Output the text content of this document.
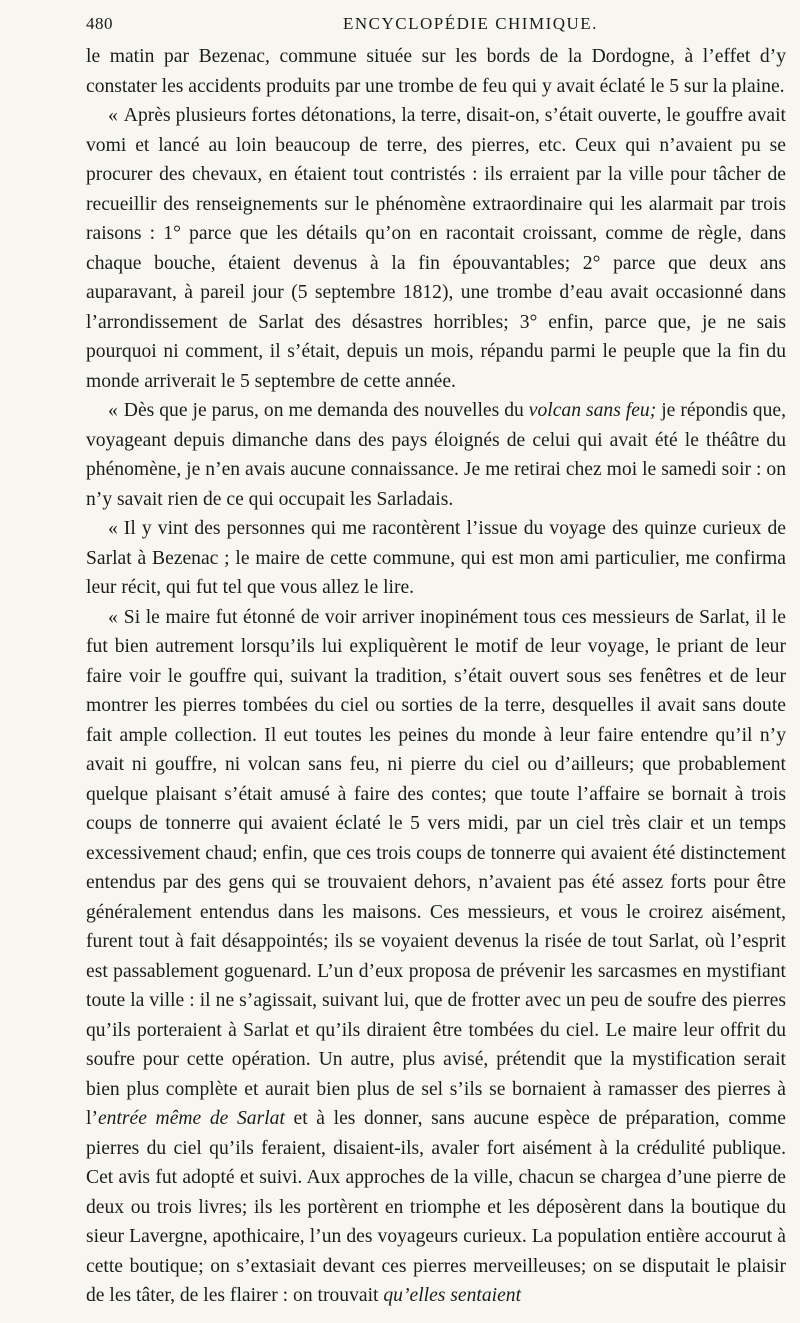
480	ENCYCLOPÉDIE CHIMIQUE.

le matin par Bezenac, commune située sur les bords de la Dordogne, à l’effet d’y constater les accidents produits par une trombe de feu qui y avait éclaté le 5 sur la plaine.

« Après plusieurs fortes détonations, la terre, disait-on, s’était ouverte, le gouffre avait vomi et lancé au loin beaucoup de terre, des pierres, etc. Ceux qui n’avaient pu se procurer des chevaux, en étaient tout contristés : ils erraient par la ville pour tâcher de recueillir des renseignements sur le phénomène extraordinaire qui les alarmait par trois raisons : 1° parce que les détails qu’on en racontait croissant, comme de règle, dans chaque bouche, étaient devenus à la fin épouvantables; 2° parce que deux ans auparavant, à pareil jour (5 septembre 1812), une trombe d’eau avait occasionné dans l’arrondissement de Sarlat des désastres horribles; 3° enfin, parce que, je ne sais pourquoi ni comment, il s’était, depuis un mois, répandu parmi le peuple que la fin du monde arriverait le 5 septembre de cette année.

« Dès que je parus, on me demanda des nouvelles du volcan sans feu; je répondis que, voyageant depuis dimanche dans des pays éloignés de celui qui avait été le théâtre du phénomène, je n’en avais aucune connaissance. Je me retirai chez moi le samedi soir : on n’y savait rien de ce qui occupait les Sarladais.

« Il y vint des personnes qui me racontèrent l’issue du voyage des quinze curieux de Sarlat à Bezenac ; le maire de cette commune, qui est mon ami particulier, me confirma leur récit, qui fut tel que vous allez le lire.

« Si le maire fut étonné de voir arriver inopinément tous ces messieurs de Sarlat, il le fut bien autrement lorsqu’ils lui expliquèrent le motif de leur voyage, le priant de leur faire voir le gouffre qui, suivant la tradition, s’était ouvert sous ses fenêtres et de leur montrer les pierres tombées du ciel ou sorties de la terre, desquelles il avait sans doute fait ample collection. Il eut toutes les peines du monde à leur faire entendre qu’il n’y avait ni gouffre, ni volcan sans feu, ni pierre du ciel ou d’ailleurs; que probablement quelque plaisant s’était amusé à faire des contes; que toute l’affaire se bornait à trois coups de tonnerre qui avaient éclaté le 5 vers midi, par un ciel très clair et un temps excessivement chaud; enfin, que ces trois coups de tonnerre qui avaient été distinctement entendus par des gens qui se trouvaient dehors, n’avaient pas été assez forts pour être généralement entendus dans les maisons. Ces messieurs, et vous le croirez aisément, furent tout à fait désappointés; ils se voyaient devenus la risée de tout Sarlat, où l’esprit est passablement goguenard. L’un d’eux proposa de prévenir les sarcasmes en mystifiant toute la ville : il ne s’agissait, suivant lui, que de frotter avec un peu de soufre des pierres qu’ils porteraient à Sarlat et qu’ils diraient être tombées du ciel. Le maire leur offrit du soufre pour cette opération. Un autre, plus avisé, prétendit que la mystification serait bien plus complète et aurait bien plus de sel s’ils se bornaient à ramasser des pierres à l’entrée même de Sarlat et à les donner, sans aucune espèce de préparation, comme pierres du ciel qu’ils feraient, disaient-ils, avaler fort aisément à la crédulité publique. Cet avis fut adopté et suivi. Aux approches de la ville, chacun se chargea d’une pierre de deux ou trois livres; ils les portèrent en triomphe et les déposèrent dans la boutique du sieur Lavergne, apothicaire, l’un des voyageurs curieux. La population entière accourut à cette boutique; on s’extasiait devant ces pierres merveilleuses; on se disputait le plaisir de les tâter, de les flairer : on trouvait qu’elles sentaient
